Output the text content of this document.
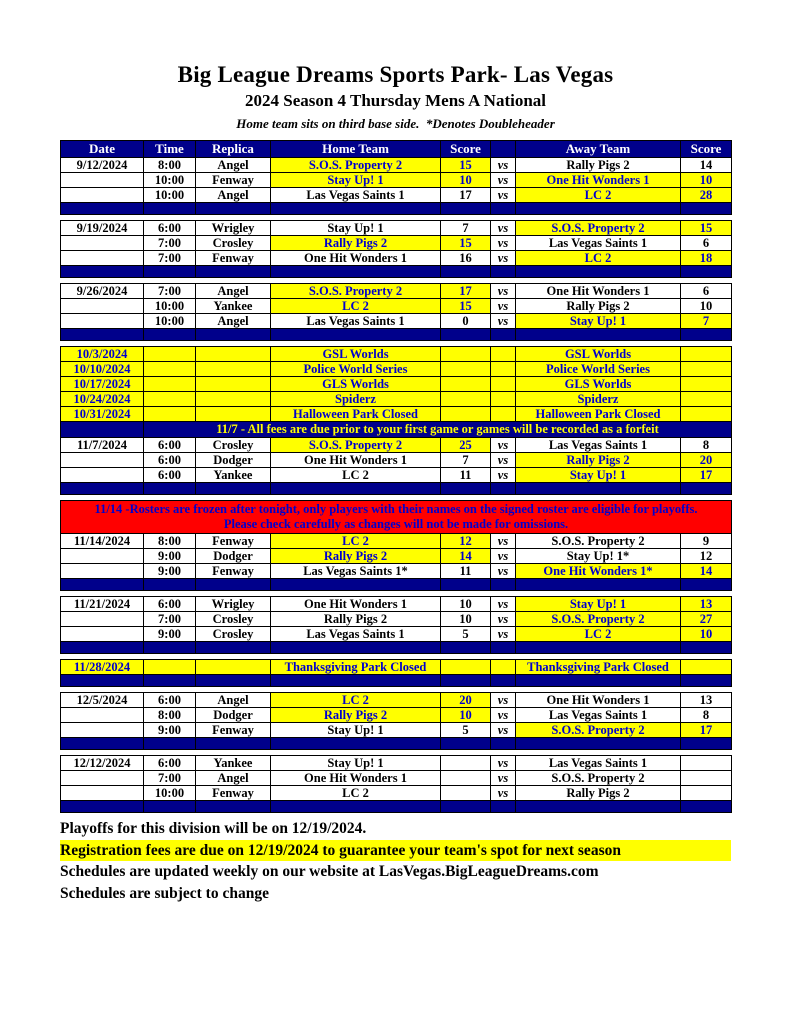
Big League Dreams Sports Park- Las Vegas
2024 Season 4 Thursday Mens A National
Home team sits on third base side.  *Denotes Doubleheader
Date	Time	Replica	Home Team	Score		Away Team	Score
9/12/2024	8:00	Angel	S.O.S. Property 2	15	vs	Rally Pigs 2	14
	10:00	Fenway	Stay Up! 1	10	vs	One Hit Wonders 1	10
	10:00	Angel	Las Vegas Saints 1	17	vs	LC 2	28

9/19/2024	6:00	Wrigley	Stay Up! 1	7	vs	S.O.S. Property 2	15
	7:00	Crosley	Rally Pigs 2	15	vs	Las Vegas Saints 1	6
	7:00	Fenway	One Hit Wonders 1	16	vs	LC 2	18

9/26/2024	7:00	Angel	S.O.S. Property 2	17	vs	One Hit Wonders 1	6
	10:00	Yankee	LC 2	15	vs	Rally Pigs 2	10
	10:00	Angel	Las Vegas Saints 1	0	vs	Stay Up! 1	7

10/3/2024			GSL Worlds			GSL Worlds	
10/10/2024			Police World Series			Police World Series	
10/17/2024			GLS Worlds			GLS Worlds	
10/24/2024			Spiderz			Spiderz	
10/31/2024			Halloween Park Closed			Halloween Park Closed	
	11/7 - All fees are due prior to your first game or games will be recorded as a forfeit						
11/7/2024	6:00	Crosley	S.O.S. Property 2	25	vs	Las Vegas Saints 1	8
	6:00	Dodger	One Hit Wonders 1	7	vs	Rally Pigs 2	20
	6:00	Yankee	LC 2	11	vs	Stay Up! 1	17

11/14 -Rosters are frozen after tonight, only players with their names on the signed roster are eligible for playoffs.
Please check carefully as changes will not be made for omissions.							

11/14/2024	8:00	Fenway	LC 2	12	vs	S.O.S. Property 2	9
	9:00	Dodger	Rally Pigs 2	14	vs	Stay Up! 1*	12
	9:00	Fenway	Las Vegas Saints 1*	11	vs	One Hit Wonders 1*	14

11/21/2024	6:00	Wrigley	One Hit Wonders 1	10	vs	Stay Up! 1	13
	7:00	Crosley	Rally Pigs 2	10	vs	S.O.S. Property 2	27
	9:00	Crosley	Las Vegas Saints 1	5	vs	LC 2	10

11/28/2024			Thanksgiving Park Closed			Thanksgiving Park Closed	

12/5/2024	6:00	Angel	LC 2	20	vs	One Hit Wonders 1	13
	8:00	Dodger	Rally Pigs 2	10	vs	Las Vegas Saints 1	8
	9:00	Fenway	Stay Up! 1	5	vs	S.O.S. Property 2	17

12/12/2024	6:00	Yankee	Stay Up! 1		vs	Las Vegas Saints 1	
	7:00	Angel	One Hit Wonders 1		vs	S.O.S. Property 2	
	10:00	Fenway	LC 2		vs	Rally Pigs 2	

Playoffs for this division will be on 12/19/2024.
Registration fees are due on 12/19/2024 to guarantee your team's spot for next season
Schedules are updated weekly on our website at LasVegas.BigLeagueDreams.com
Schedules are subject to change
